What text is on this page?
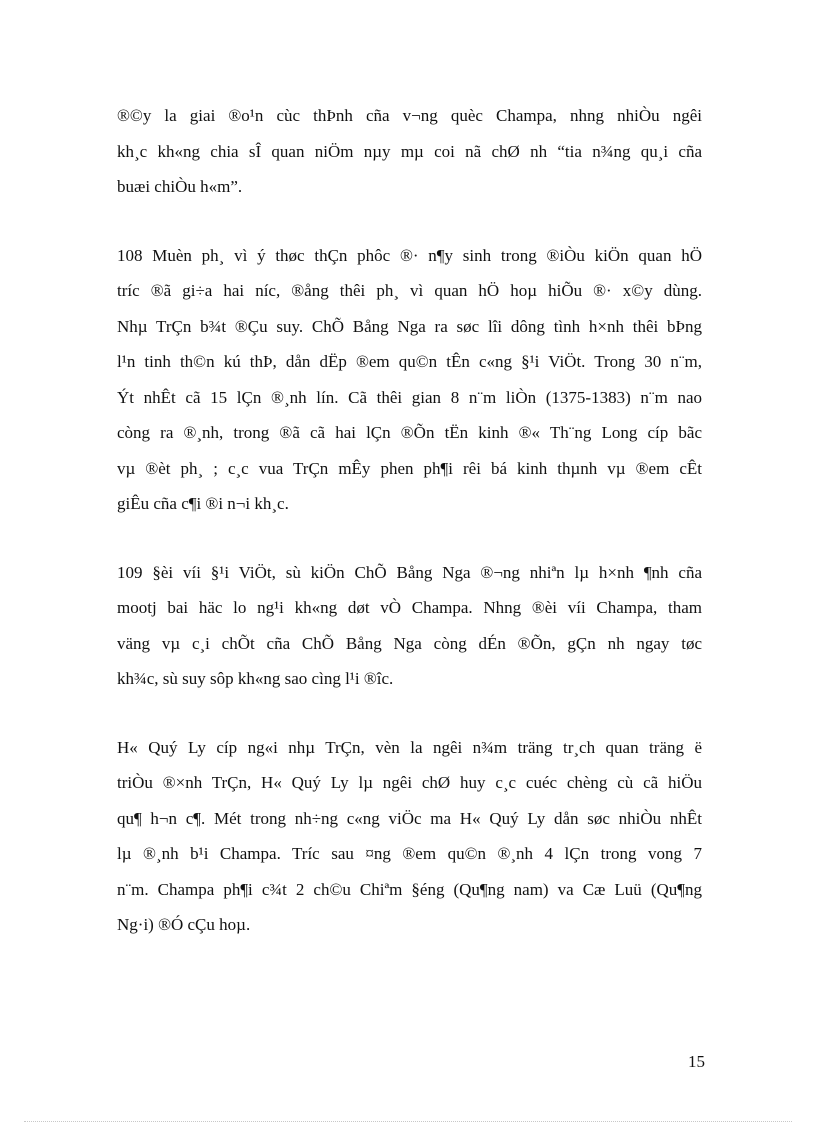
®©y la giai ®o¹n cùc thÞnh cña v¬ng quèc Champa, nhng nhiÒu ngêi
kh¸c kh«ng chia sÎ quan niÖm nµy mµ coi nã chØ nh “tia n¾ng qu¸i cña
buæi chiÒu h«m”.

108 Muèn ph¸ vì ý thøc thÇn phôc ®· n¶y sinh trong ®iÒu kiÖn quan hÖ
tríc ®ã gi÷a hai níc, ®ång thêi ph¸ vì quan hÖ hoµ hiÕu ®· x©y dùng.
Nhµ TrÇn b¾t ®Çu suy. ChÕ Bång Nga ra søc lîi dông tình h×nh thêi bÞng
l¹n tinh th©n kú thÞ, dån dËp ®em qu©n tÊn c«ng §¹i ViÖt. Trong 30 n¨m,
Ýt nhÊt cã 15 lÇn ®¸nh lín. Cã thêi gian 8 n¨m liÒn (1375-1383) n¨m nao
còng ra ®¸nh, trong ®ã cã hai lÇn ®Õn tËn kinh ®« Th¨ng Long cíp bãc
vµ ®èt ph¸ ; c¸c vua TrÇn mÊy phen ph¶i rêi bá kinh thµnh vµ ®em cÊt
giÊu cña c¶i ®i n¬i kh¸c.

109 §èi víi §¹i ViÖt, sù kiÖn ChÕ Bång Nga ®¬ng nhiªn lµ h×nh ¶nh cña
mootj bai häc lo ng¹i kh«ng døt vÒ Champa. Nhng ®èi víi Champa, tham
väng vµ c¸i chÕt cña ChÕ Bång Nga còng dÉn ®Õn, gÇn nh ngay tøc
kh¾c, sù suy sôp kh«ng sao cìng l¹i ®îc.

H« Quý Ly cíp ng«i nhµ TrÇn, vèn la ngêi n¾m träng tr¸ch quan träng ë
triÒu ®×nh TrÇn, H« Quý Ly lµ ngêi chØ huy c¸c cuéc chèng cù cã hiÖu
qu¶ h¬n c¶. Mét trong nh÷ng c«ng viÖc ma H« Quý Ly dån søc nhiÒu nhÊt
lµ ®¸nh b¹i Champa. Tríc sau ¤ng ®em qu©n ®¸nh 4 lÇn trong vong 7
n¨m. Champa ph¶i c¾t 2 ch©u Chiªm §éng (Qu¶ng nam) va Cæ Luü (Qu¶ng
Ng·i) ®Ó cÇu hoµ.

15
